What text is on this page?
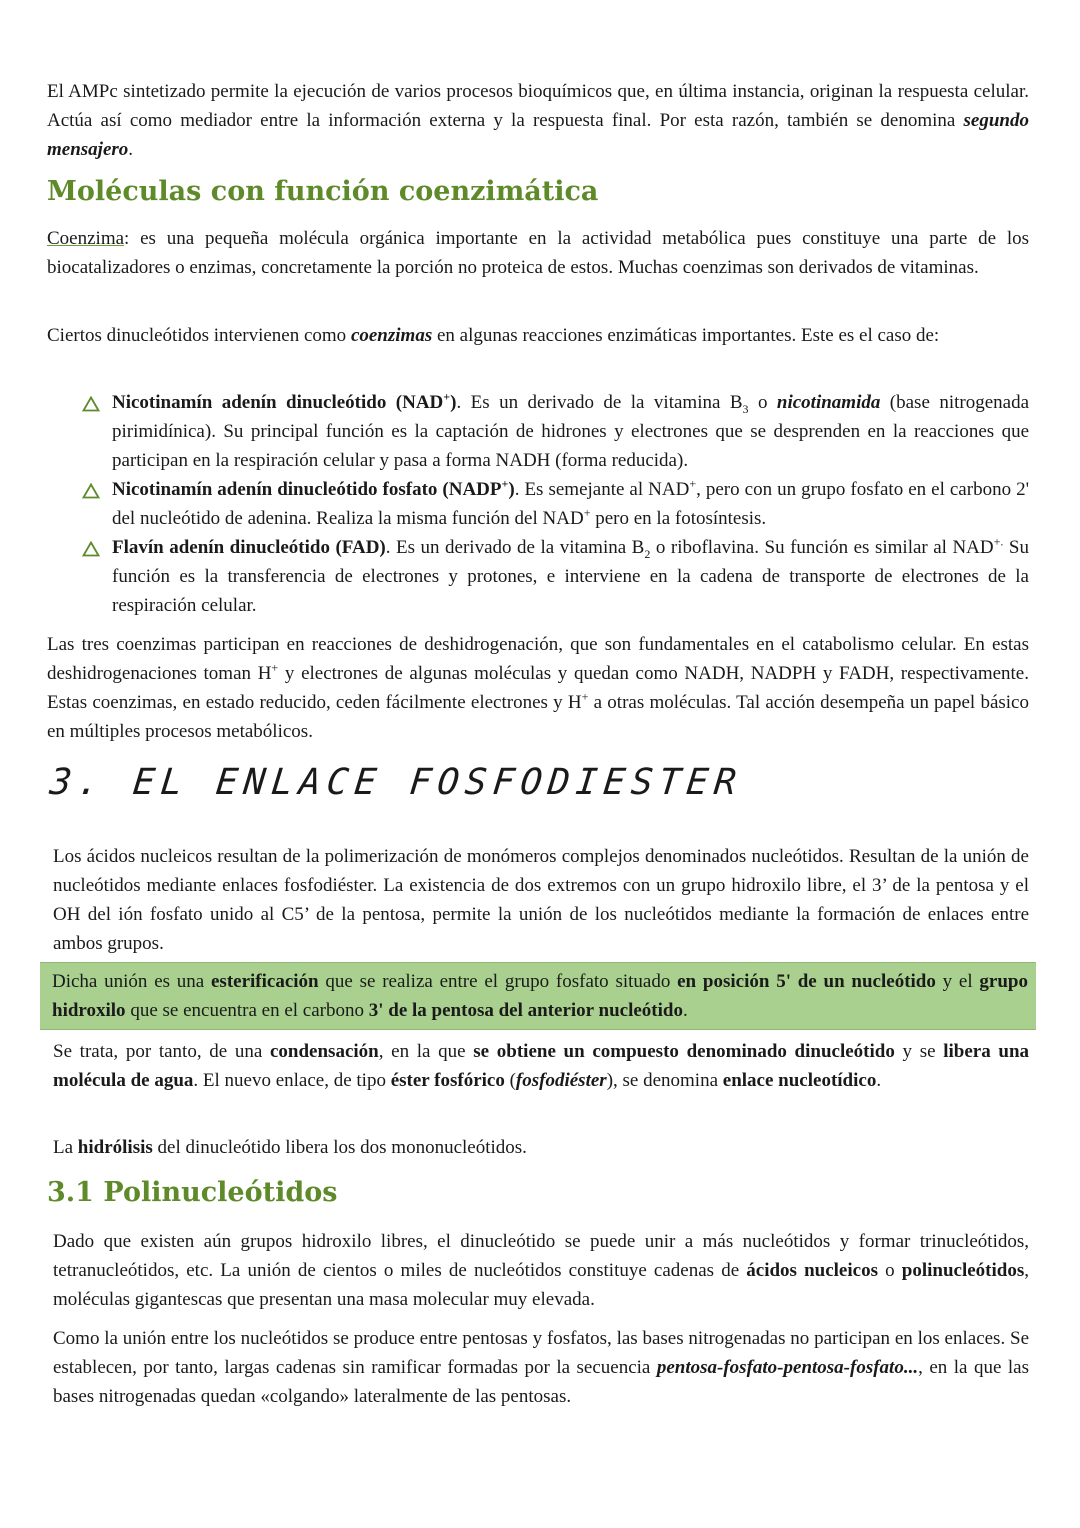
El AMPc sintetizado permite la ejecución de varios procesos bioquímicos que, en última instancia, originan la respuesta celular. Actúa así como mediador entre la información externa y la respuesta final. Por esta razón, también se denomina segundo mensajero.

Moléculas con función coenzimática

Coenzima: es una pequeña molécula orgánica importante en la actividad metabólica pues constituye una parte de los biocatalizadores o enzimas, concretamente la porción no proteica de estos. Muchas coenzimas son derivados de vitaminas.

Ciertos dinucleótidos intervienen como coenzimas en algunas reacciones enzimáticas importantes. Este es el caso de:

Nicotinamín adenín dinucleótido (NAD+). Es un derivado de la vitamina $B_3$ o nicotinamida (base nitrogenada pirimidínica). Su principal función es la captación de hidrones y electrones que se desprenden en la reacciones que participan en la respiración celular y pasa a forma NADH (forma reducida).

Nicotinamín adenín dinucleótido fosfato (NADP+). Es semejante al NAD+, pero con un grupo fosfato en el carbono 2' del nucleótido de adenina. Realiza la misma función del NAD+ pero en la fotosíntesis.

Flavín adenín dinucleótido (FAD). Es un derivado de la vitamina $B_2$ o riboflavina. Su función es similar al NAD+. Su función es la transferencia de electrones y protones, e interviene en la cadena de transporte de electrones de la respiración celular.

Las tres coenzimas participan en reacciones de deshidrogenación, que son fundamentales en el catabolismo celular. En estas deshidrogenaciones toman H+ y electrones de algunas moléculas y quedan como NADH, NADPH y FADH, respectivamente. Estas coenzimas, en estado reducido, ceden fácilmente electrones y H+ a otras moléculas. Tal acción desempeña un papel básico en múltiples procesos metabólicos.

3. EL ENLACE FOSFODIESTER

Los ácidos nucleicos resultan de la polimerización de monómeros complejos denominados nucleótidos. Resultan de la unión de nucleótidos mediante enlaces fosfodiéster. La existencia de dos extremos con un grupo hidroxilo libre, el 3’ de la pentosa y el OH del ión fosfato unido al C5’ de la pentosa, permite la unión de los nucleótidos mediante la formación de enlaces entre ambos grupos.

Dicha unión es una esterificación que se realiza entre el grupo fosfato situado en posición 5' de un nucleótido y el grupo hidroxilo que se encuentra en el carbono 3' de la pentosa del anterior nucleótido.

Se trata, por tanto, de una condensación, en la que se obtiene un compuesto denominado dinucleótido y se libera una molécula de agua. El nuevo enlace, de tipo éster fosfórico (fosfodiéster), se denomina enlace nucleotídico.

La hidrólisis del dinucleótido libera los dos mononucleótidos.

3.1 Polinucleótidos

Dado que existen aún grupos hidroxilo libres, el dinucleótido se puede unir a más nucleótidos y formar trinucleótidos, tetranucleótidos, etc. La unión de cientos o miles de nucleótidos constituye cadenas de ácidos nucleicos o polinucleótidos, moléculas gigantescas que presentan una masa molecular muy elevada.

Como la unión entre los nucleótidos se produce entre pentosas y fosfatos, las bases nitrogenadas no participan en los enlaces. Se establecen, por tanto, largas cadenas sin ramificar formadas por la secuencia pentosa-fosfato-pentosa-fosfato..., en la que las bases nitrogenadas quedan «colgando» lateralmente de las pentosas.
